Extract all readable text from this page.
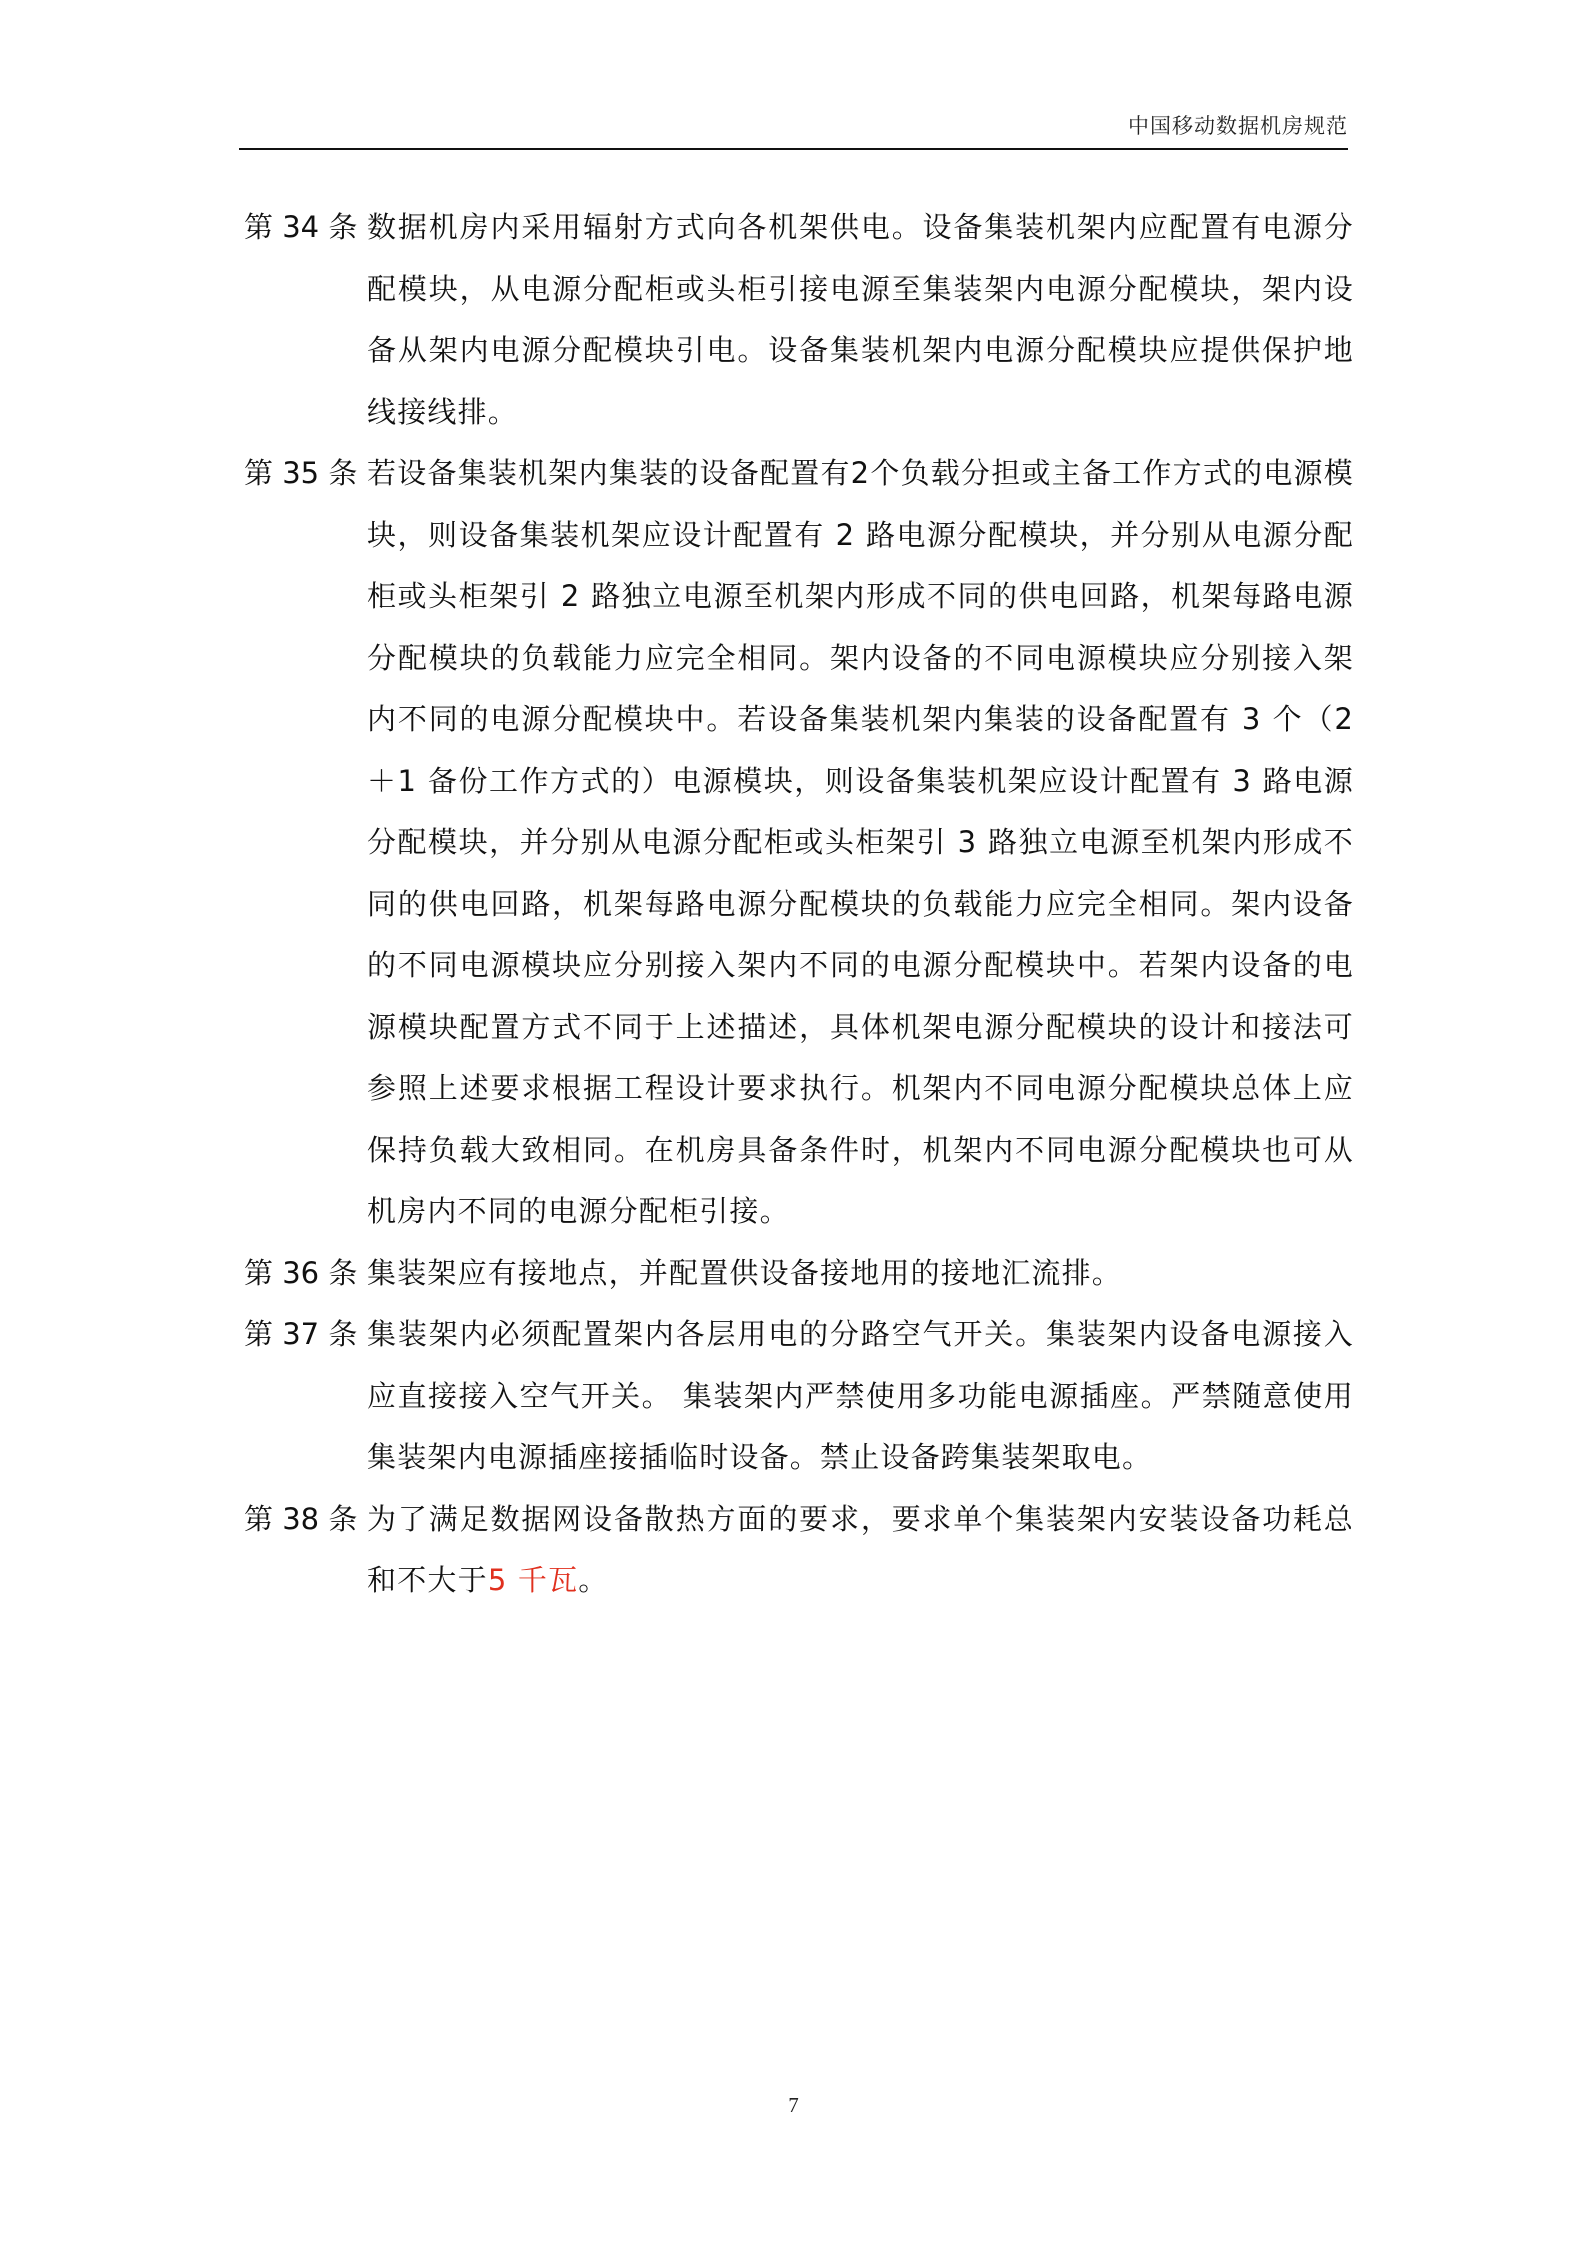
中国移动数据机房规范
第 34 条 数据机房内采用辐射方式向各机架供电。设备集装机架内应配置有电源分配模块，从电源分配柜或头柜引接电源至集装架内电源分配模块，架内设备从架内电源分配模块引电。设备集装机架内电源分配模块应提供保护地线接线排。
第 35 条 若设备集装机架内集装的设备配置有2个负载分担或主备工作方式的电源模块，则设备集装机架应设计配置有 2 路电源分配模块，并分别从电源分配柜或头柜架引 2 路独立电源至机架内形成不同的供电回路，机架每路电源分配模块的负载能力应完全相同。架内设备的不同电源模块应分别接入架内不同的电源分配模块中。若设备集装机架内集装的设备配置有 3 个（2＋1 备份工作方式的）电源模块，则设备集装机架应设计配置有 3 路电源分配模块，并分别从电源分配柜或头柜架引 3 路独立电源至机架内形成不同的供电回路，机架每路电源分配模块的负载能力应完全相同。架内设备的不同电源模块应分别接入架内不同的电源分配模块中。若架内设备的电源模块配置方式不同于上述描述，具体机架电源分配模块的设计和接法可参照上述要求根据工程设计要求执行。机架内不同电源分配模块总体上应保持负载大致相同。在机房具备条件时，机架内不同电源分配模块也可从机房内不同的电源分配柜引接。
第 36 条 集装架应有接地点，并配置供设备接地用的接地汇流排。
第 37 条 集装架内必须配置架内各层用电的分路空气开关。集装架内设备电源接入应直接接入空气开关。 集装架内严禁使用多功能电源插座。严禁随意使用集装架内电源插座接插临时设备。禁止设备跨集装架取电。
第 38 条 为了满足数据网设备散热方面的要求，要求单个集装架内安装设备功耗总和不大于5 千瓦。
7
